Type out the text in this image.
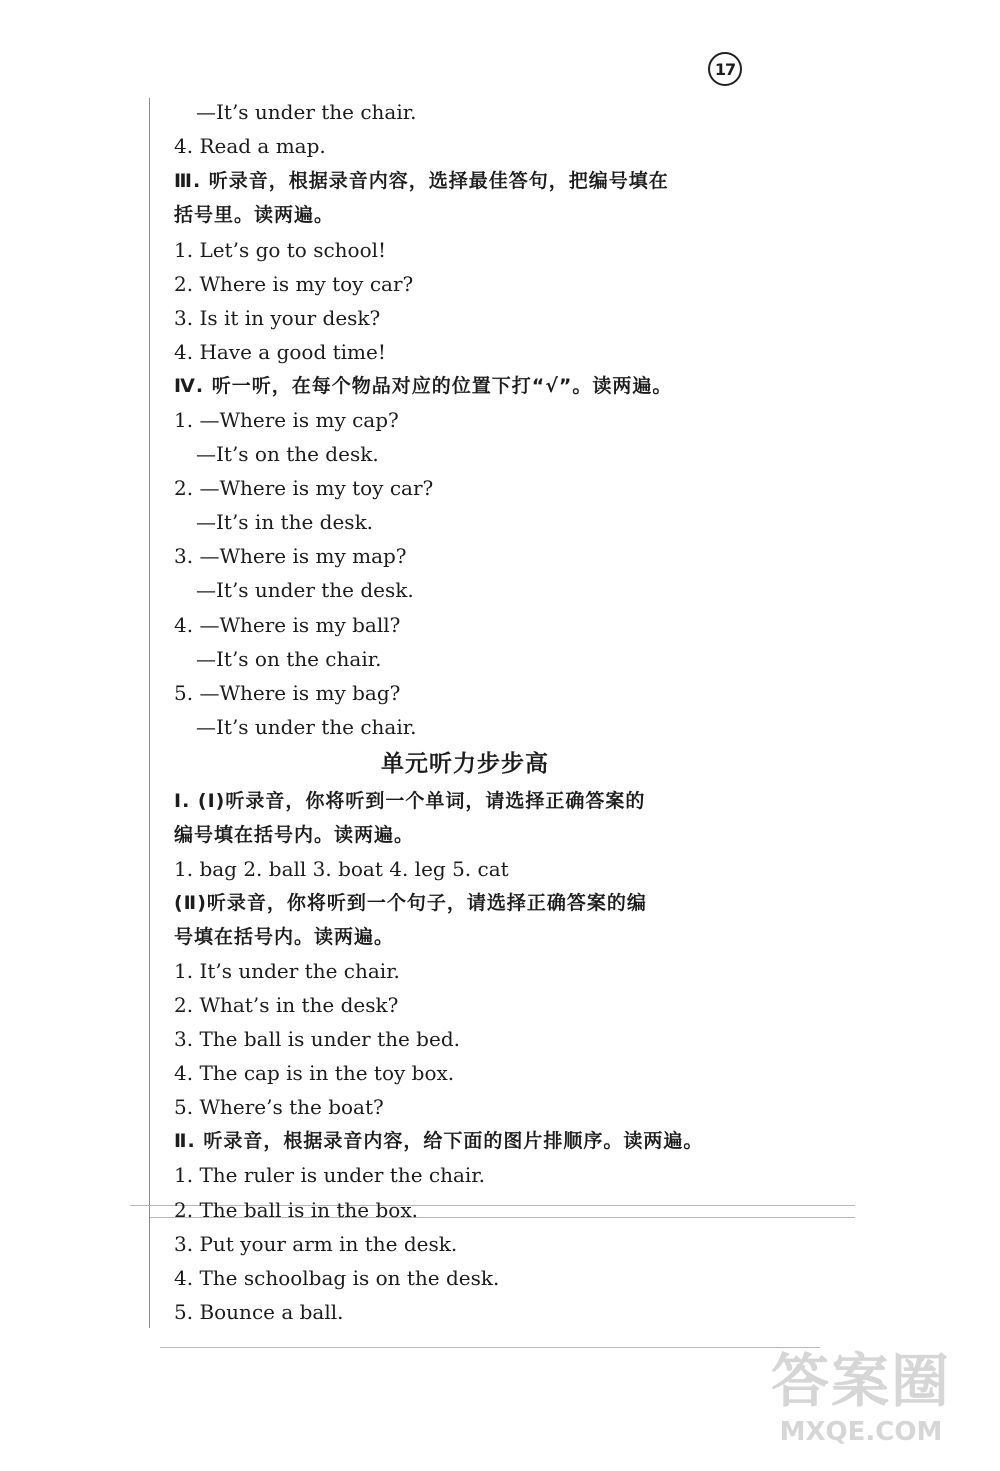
17
—It’s under the chair.
4. Read a map.
Ⅲ. 听录音，根据录音内容，选择最佳答句，把编号填在
括号里。读两遍。
1. Let’s go to school!
2. Where is my toy car?
3. Is it in your desk?
4. Have a good time!
Ⅳ. 听一听，在每个物品对应的位置下打“√”。读两遍。
1. —Where is my cap?
—It’s on the desk.
2. —Where is my toy car?
—It’s in the desk.
3. —Where is my map?
—It’s under the desk.
4. —Where is my ball?
—It’s on the chair.
5. —Where is my bag?
—It’s under the chair.
单元听力步步高
Ⅰ. (Ⅰ)听录音，你将听到一个单词，请选择正确答案的
编号填在括号内。读两遍。
1. bag 2. ball 3. boat 4. leg 5. cat
(Ⅱ)听录音，你将听到一个句子，请选择正确答案的编
号填在括号内。读两遍。
1. It’s under the chair.
2. What’s in the desk?
3. The ball is under the bed.
4. The cap is in the toy box.
5. Where’s the boat?
Ⅱ. 听录音，根据录音内容，给下面的图片排顺序。读两遍。
1. The ruler is under the chair.
2. The ball is in the box.
3. Put your arm in the desk.
4. The schoolbag is on the desk.
5. Bounce a ball.
答案圈
MXQE.COM
